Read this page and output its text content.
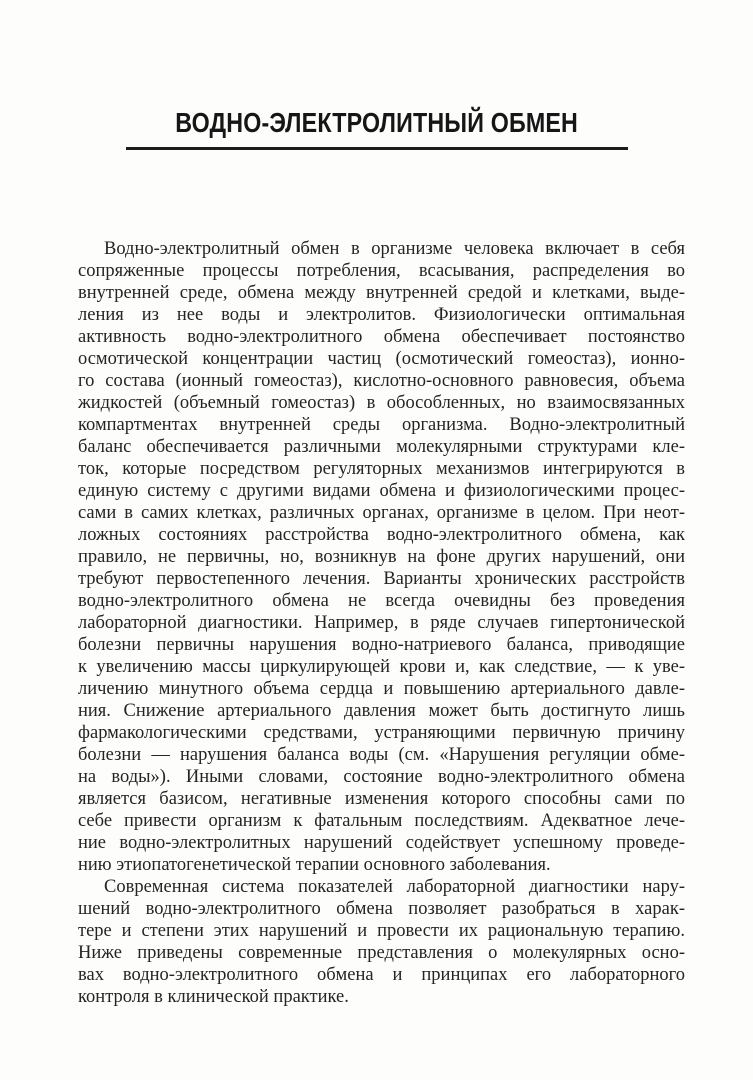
ВОДНО-ЭЛЕКТРОЛИТНЫЙ ОБМЕН
Водно-электролитный обмен в организме человека включает в себя
сопряженные процессы потребления, всасывания, распределения во
внутренней среде, обмена между внутренней средой и клетками, выде-
ления из нее воды и электролитов. Физиологически оптимальная
активность водно-электролитного обмена обеспечивает постоянство
осмотической концентрации частиц (осмотический гомеостаз), ионно-
го состава (ионный гомеостаз), кислотно-основного равновесия, объема
жидкостей (объемный гомеостаз) в обособленных, но взаимосвязанных
компартментах внутренней среды организма. Водно-электролитный
баланс обеспечивается различными молекулярными структурами кле-
ток, которые посредством регуляторных механизмов интегрируются в
единую систему с другими видами обмена и физиологическими процес-
сами в самих клетках, различных органах, организме в целом. При неот-
ложных состояниях расстройства водно-электролитного обмена, как
правило, не первичны, но, возникнув на фоне других нарушений, они
требуют первостепенного лечения. Варианты хронических расстройств
водно-электролитного обмена не всегда очевидны без проведения
лабораторной диагностики. Например, в ряде случаев гипертонической
болезни первичны нарушения водно-натриевого баланса, приводящие
к увеличению массы циркулирующей крови и, как следствие, — к уве-
личению минутного объема сердца и повышению артериального давле-
ния. Снижение артериального давления может быть достигнуто лишь
фармакологическими средствами, устраняющими первичную причину
болезни — нарушения баланса воды (см. «Нарушения регуляции обме-
на воды»). Иными словами, состояние водно-электролитного обмена
является базисом, негативные изменения которого способны сами по
себе привести организм к фатальным последствиям. Адекватное лече-
ние водно-электролитных нарушений содействует успешному проведе-
нию этиопатогенетической терапии основного заболевания.
Современная система показателей лабораторной диагностики нару-
шений водно-электролитного обмена позволяет разобраться в харак-
тере и степени этих нарушений и провести их рациональную терапию.
Ниже приведены современные представления о молекулярных осно-
вах водно-электролитного обмена и принципах его лабораторного
контроля в клинической практике.
